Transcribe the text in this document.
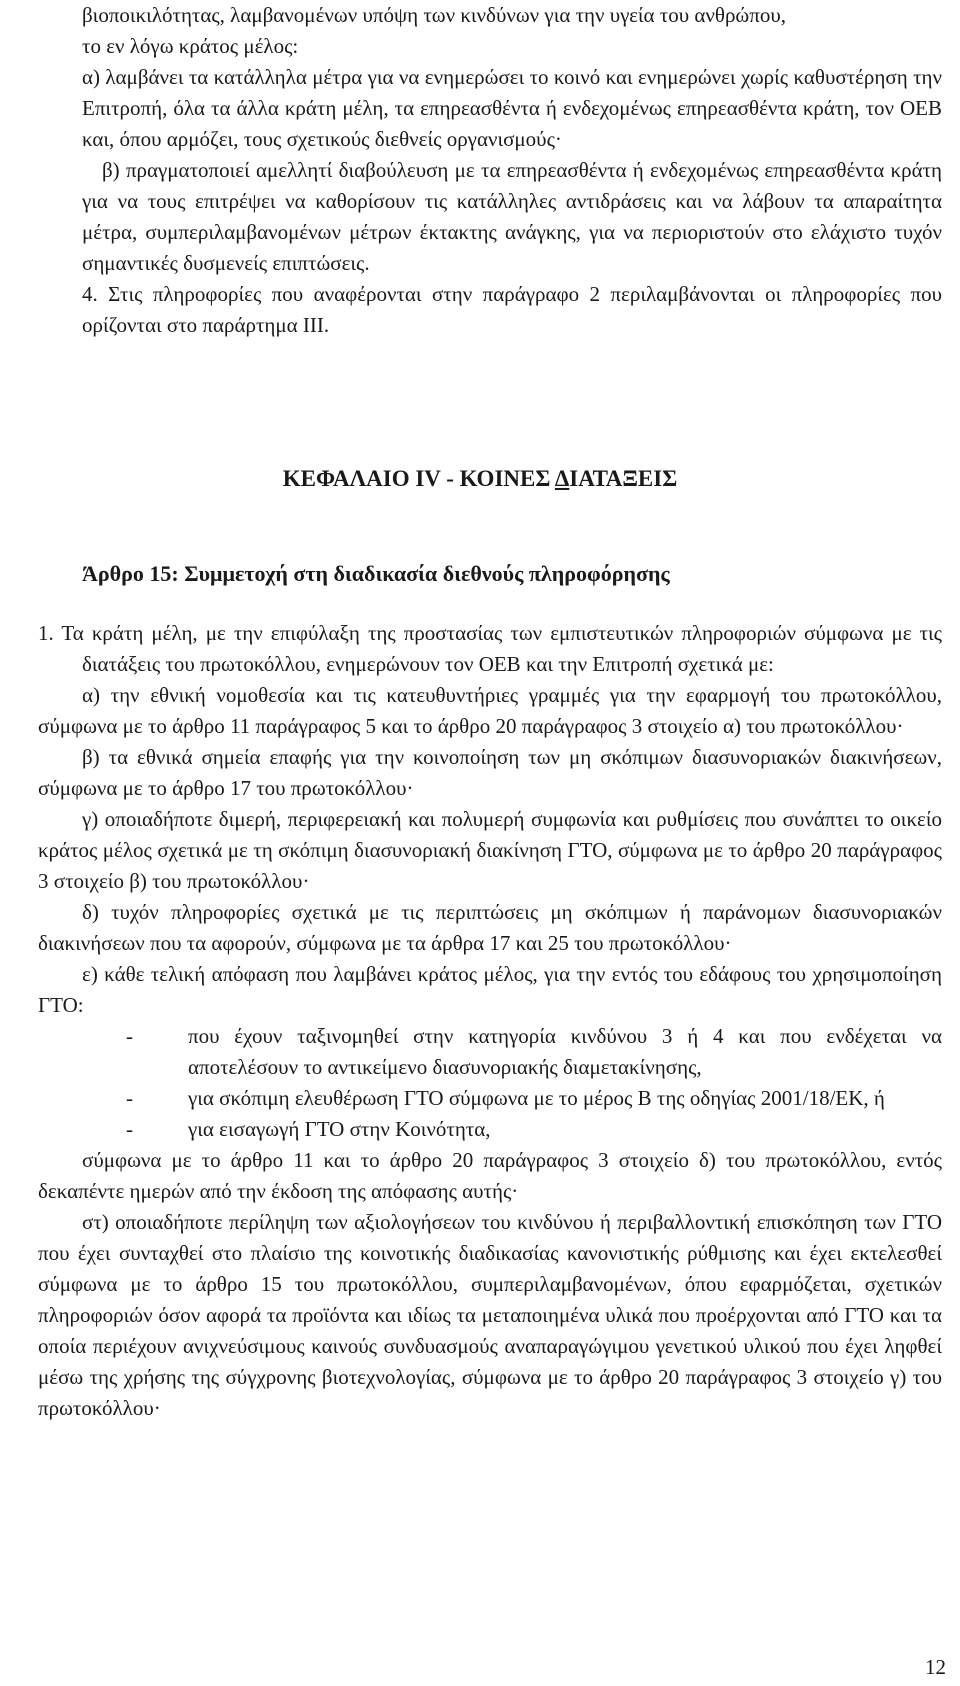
βιοποικιλότητας, λαμβανομένων υπόψη των κινδύνων για την υγεία του ανθρώπου,
το εν λόγω κράτος μέλος:

α) λαμβάνει τα κατάλληλα μέτρα για να ενημερώσει το κοινό και ενημερώνει χωρίς καθυστέρηση την Επιτροπή, όλα τα άλλα κράτη μέλη, τα επηρεασθέντα ή ενδεχομένως επηρεασθέντα κράτη, τον ΟΕΒ και, όπου αρμόζει, τους σχετικούς διεθνείς οργανισμούς·

β) πραγματοποιεί αμελλητί διαβούλευση με τα επηρεασθέντα ή ενδεχομένως επηρεασθέντα κράτη για να τους επιτρέψει να καθορίσουν τις κατάλληλες αντιδράσεις και να λάβουν τα απαραίτητα μέτρα, συμπεριλαμβανομένων μέτρων έκτακτης ανάγκης, για να περιοριστούν στο ελάχιστο τυχόν σημαντικές δυσμενείς επιπτώσεις.

4. Στις πληροφορίες που αναφέρονται στην παράγραφο 2 περιλαμβάνονται οι πληροφορίες που ορίζονται στο παράρτημα ΙΙΙ.

ΚΕΦΑΛΑΙΟ IV - ΚΟΙΝΕΣ ΔΙΑΤΑΞΕΙΣ
Άρθρο 15: Συμμετοχή στη διαδικασία διεθνούς πληροφόρησης

1. Τα κράτη μέλη, με την επιφύλαξη της προστασίας των εμπιστευτικών πληροφοριών σύμφωνα με τις διατάξεις του πρωτοκόλλου, ενημερώνουν τον ΟΕΒ και την Επιτροπή σχετικά με:

α) την εθνική νομοθεσία και τις κατευθυντήριες γραμμές για την εφαρμογή του πρωτοκόλλου, σύμφωνα με το άρθρο 11 παράγραφος 5 και το άρθρο 20 παράγραφος 3 στοιχείο α) του πρωτοκόλλου·

β) τα εθνικά σημεία επαφής για την κοινοποίηση των μη σκόπιμων διασυνοριακών διακινήσεων, σύμφωνα με το άρθρο 17 του πρωτοκόλλου·

γ) οποιαδήποτε διμερή, περιφερειακή και πολυμερή συμφωνία και ρυθμίσεις που συνάπτει το οικείο κράτος μέλος σχετικά με τη σκόπιμη διασυνοριακή διακίνηση ΓΤΟ, σύμφωνα με το άρθρο 20 παράγραφος 3 στοιχείο β) του πρωτοκόλλου·

δ) τυχόν πληροφορίες σχετικά με τις περιπτώσεις μη σκόπιμων ή παράνομων διασυνοριακών διακινήσεων που τα αφορούν, σύμφωνα με τα άρθρα 17 και 25 του πρωτοκόλλου·

ε) κάθε τελική απόφαση που λαμβάνει κράτος μέλος, για την εντός του εδάφους του χρησιμοποίηση ΓΤΟ:

-	που έχουν ταξινομηθεί στην κατηγορία κινδύνου 3 ή 4 και που ενδέχεται να αποτελέσουν το αντικείμενο διασυνοριακής διαμετακίνησης,
-	για σκόπιμη ελευθέρωση ΓΤΟ σύμφωνα με το μέρος Β της οδηγίας 2001/18/ΕΚ, ή
-	για εισαγωγή ΓΤΟ στην Κοινότητα,

σύμφωνα με το άρθρο 11 και το άρθρο 20 παράγραφος 3 στοιχείο δ) του πρωτοκόλλου, εντός δεκαπέντε ημερών από την έκδοση της απόφασης αυτής·

στ) οποιαδήποτε περίληψη των αξιολογήσεων του κινδύνου ή περιβαλλοντική επισκόπηση των ΓΤΟ που έχει συνταχθεί στο πλαίσιο της κοινοτικής διαδικασίας κανονιστικής ρύθμισης και έχει εκτελεσθεί σύμφωνα με το άρθρο 15 του πρωτοκόλλου, συμπεριλαμβανομένων, όπου εφαρμόζεται, σχετικών πληροφοριών όσον αφορά τα προϊόντα και ιδίως τα μεταποιημένα υλικά που προέρχονται από ΓΤΟ και τα οποία περιέχουν ανιχνεύσιμους καινούς συνδυασμούς αναπαραγώγιμου γενετικού υλικού που έχει ληφθεί μέσω της χρήσης της σύγχρονης βιοτεχνολογίας, σύμφωνα με το άρθρο 20 παράγραφος 3 στοιχείο γ) του πρωτοκόλλου·

12
